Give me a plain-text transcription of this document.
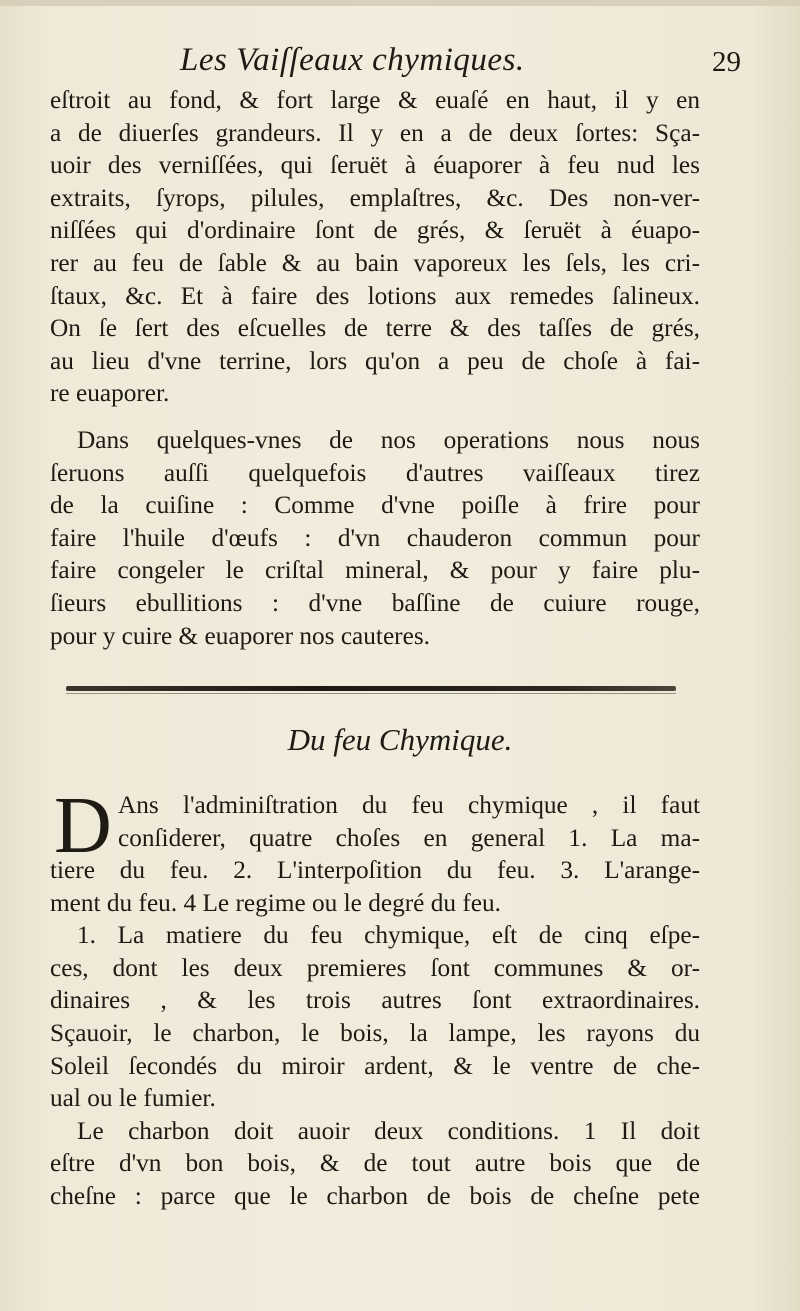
Les Vaiſſeaux chymiques.	29
eſtroit au fond, & fort large & euaſé en haut, il y en
a de diuerſes grandeurs. Il y en a de deux ſortes: Sça-
uoir des verniſſées, qui ſeruët à éuaporer à feu nud les
extraits, ſyrops, pilules, emplaſtres, &c. Des non-ver-
niſſées qui d'ordinaire ſont de grés, & ſeruët à éuapo-
rer au feu de ſable & au bain vaporeux les ſels, les cri-
ſtaux, &c. Et à faire des lotions aux remedes ſalineux.
On ſe ſert des eſcuelles de terre & des taſſes de grés,
au lieu d'vne terrine, lors qu'on a peu de choſe à fai-
re euaporer.
Dans quelques-vnes de nos operations nous nous
ſeruons auſſi quelquefois d'autres vaiſſeaux tirez
de la cuiſine : Comme d'vne poiſle à frire pour
faire l'huile d'œufs : d'vn chauderon commun pour
faire congeler le criſtal mineral, & pour y faire plu-
ſieurs ebullitions : d'vne baſſine de cuiure rouge,
pour y cuire & euaporer nos cauteres.
Du feu Chymique.
D Ans l'adminiſtration du feu chymique , il faut
conſiderer, quatre choſes en general 1. La ma-
tiere du feu. 2. L'interpoſition du feu. 3. L'arange-
ment du feu. 4 Le regime ou le degré du feu.
1. La matiere du feu chymique, eſt de cinq eſpe-
ces, dont les deux premieres ſont communes & or-
dinaires , & les trois autres ſont extraordinaires.
Sçauoir, le charbon, le bois, la lampe, les rayons du
Soleil ſecondés du miroir ardent, & le ventre de che-
ual ou le fumier.
Le charbon doit auoir deux conditions. 1 Il doit
eſtre d'vn bon bois, & de tout autre bois que de
cheſne : parce que le charbon de bois de cheſne pete
